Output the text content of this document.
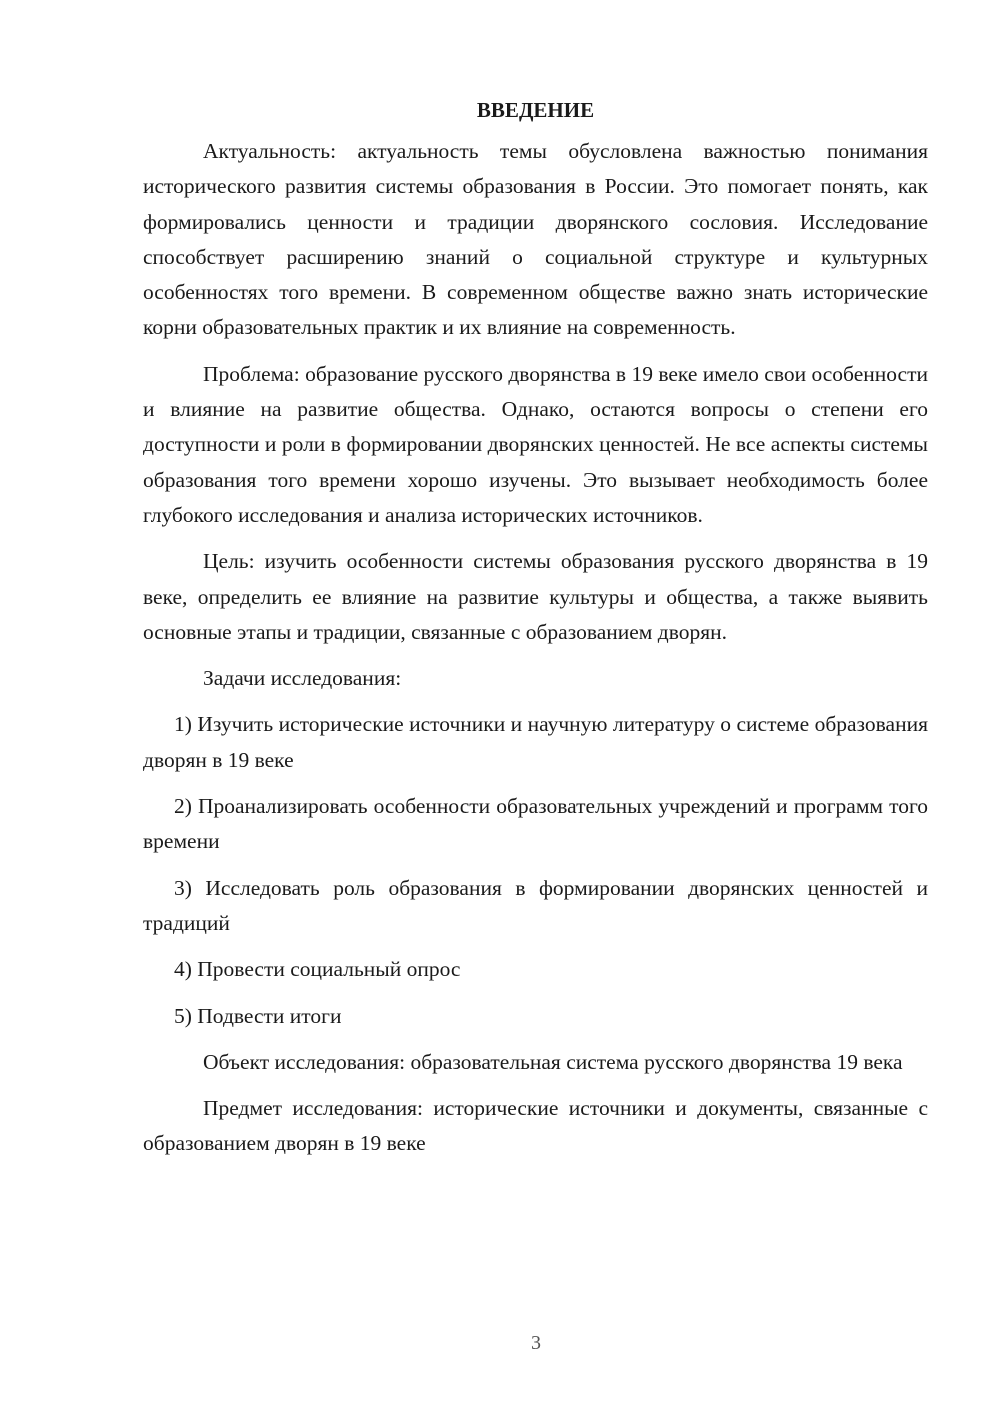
ВВЕДЕНИЕ

Актуальность: актуальность темы обусловлена важностью понимания исторического развития системы образования в России. Это помогает понять, как формировались ценности и традиции дворянского сословия. Исследование способствует расширению знаний о социальной структуре и культурных особенностях того времени. В современном обществе важно знать исторические корни образовательных практик и их влияние на современность.

Проблема: образование русского дворянства в 19 веке имело свои особенности и влияние на развитие общества. Однако, остаются вопросы о степени его доступности и роли в формировании дворянских ценностей. Не все аспекты системы образования того времени хорошо изучены. Это вызывает необходимость более глубокого исследования и анализа исторических источников.

Цель: изучить особенности системы образования русского дворянства в 19 веке, определить ее влияние на развитие культуры и общества, а также выявить основные этапы и традиции, связанные с образованием дворян.

Задачи исследования:

1) Изучить исторические источники и научную литературу о системе образования дворян в 19 веке

2) Проанализировать особенности образовательных учреждений и программ того времени

3) Исследовать роль образования в формировании дворянских ценностей и традиций

4) Провести социальный опрос

5) Подвести итоги

Объект исследования: образовательная система русского дворянства 19 века

Предмет исследования: исторические источники и документы, связанные с образованием дворян в 19 веке

3
